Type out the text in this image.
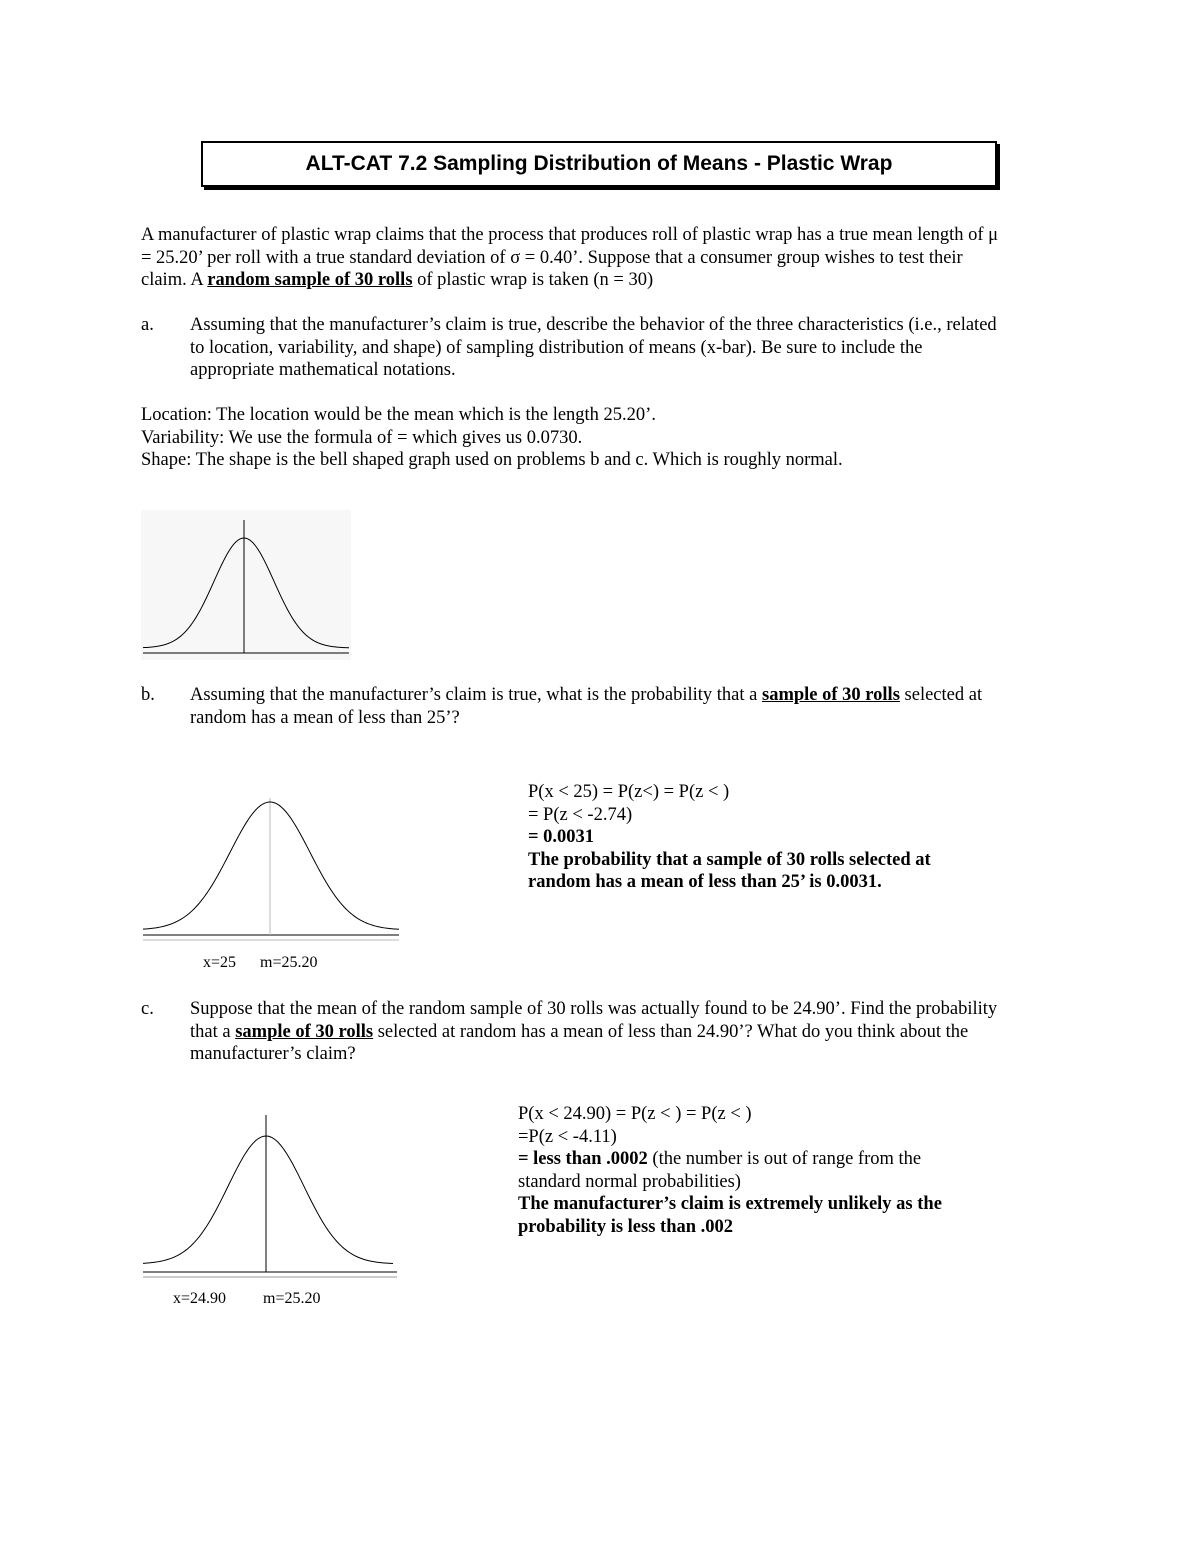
ALT-CAT 7.2 Sampling Distribution of Means - Plastic Wrap

A manufacturer of plastic wrap claims that the process that produces roll of plastic wrap has a true mean length of μ
= 25.20’ per roll with a true standard deviation of σ = 0.40’. Suppose that a consumer group wishes to test their
claim. A random sample of 30 rolls of plastic wrap is taken (n = 30)

a. Assuming that the manufacturer’s claim is true, describe the behavior of the three characteristics (i.e., related
to location, variability, and shape) of sampling distribution of means (x-bar). Be sure to include the
appropriate mathematical notations.

Location: The location would be the mean which is the length 25.20’.
Variability: We use the formula of = which gives us 0.0730.
Shape: The shape is the bell shaped graph used on problems b and c. Which is roughly normal.

b. Assuming that the manufacturer’s claim is true, what is the probability that a sample of 30 rolls selected at
random has a mean of less than 25’?
x=25 m=25.20
P(x < 25) = P(z<) = P(z < )
= P(z < -2.74)
= 0.0031
The probability that a sample of 30 rolls selected at
random has a mean of less than 25’ is 0.0031.
c. Suppose that the mean of the random sample of 30 rolls was actually found to be 24.90’. Find the probability
that a sample of 30 rolls selected at random has a mean of less than 24.90’? What do you think about the
manufacturer’s claim?
x=24.90 m=25.20
P(x < 24.90) = P(z < ) = P(z < )
=P(z < -4.11)
= less than .0002 (the number is out of range from the
standard normal probabilities)
The manufacturer’s claim is extremely unlikely as the
probability is less than .002
